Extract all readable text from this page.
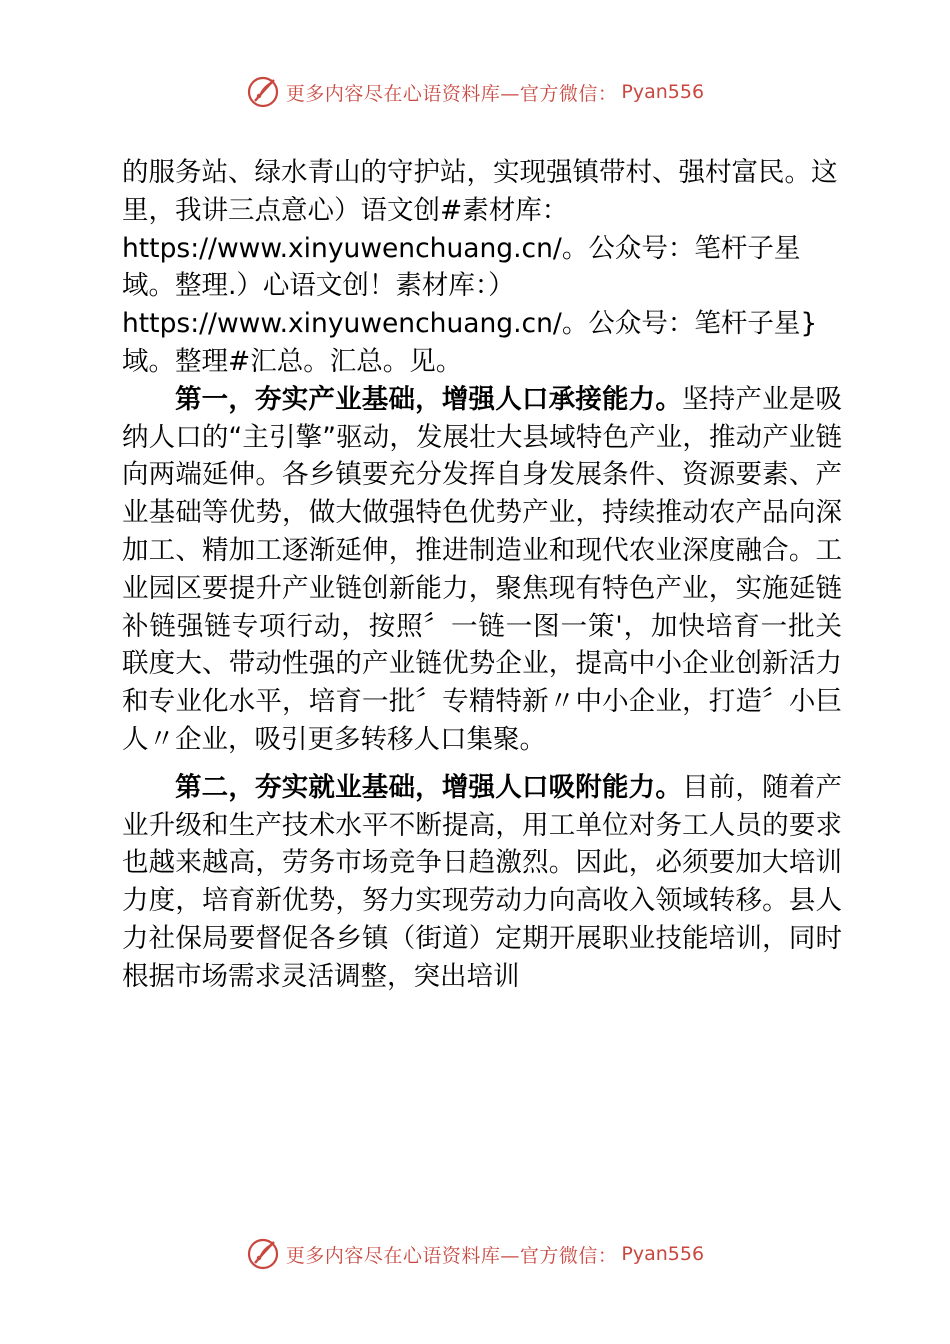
更多内容尽在心语资料库—官方微信： Pyan556

的服务站、绿水青山的守护站，实现强镇带村、强村富民。这里，我讲三点意心）语文创#素材库：https://www.xinyuwenchuang.cn/。公众号：笔杆子星域。整理.）心语文创！素材库：）https://www.xinyuwenchuang.cn/。公众号：笔杆子星}域。整理#汇总。汇总。见。

第一，夯实产业基础，增强人口承接能力。坚持产业是吸纳人口的“主引擎”驱动，发展壮大县域特色产业，推动产业链向两端延伸。各乡镇要充分发挥自身发展条件、资源要素、产业基础等优势，做大做强特色优势产业，持续推动农产品向深加工、精加工逐渐延伸，推进制造业和现代农业深度融合。工业园区要提升产业链创新能力，聚焦现有特色产业，实施延链补链强链专项行动，按照〞一链一图一策'，加快培育一批关联度大、带动性强的产业链优势企业，提高中小企业创新活力和专业化水平，培育一批〞专精特新〃中小企业，打造〞小巨人〃企业，吸引更多转移人口集聚。

第二，夯实就业基础，增强人口吸附能力。目前，随着产业升级和生产技术水平不断提高，用工单位对务工人员的要求也越来越高，劳务市场竞争日趋激烈。因此，必须要加大培训力度，培育新优势，努力实现劳动力向高收入领域转移。县人力社保局要督促各乡镇（街道）定期开展职业技能培训，同时根据市场需求灵活调整，突出培训

更多内容尽在心语资料库—官方微信： Pyan556
